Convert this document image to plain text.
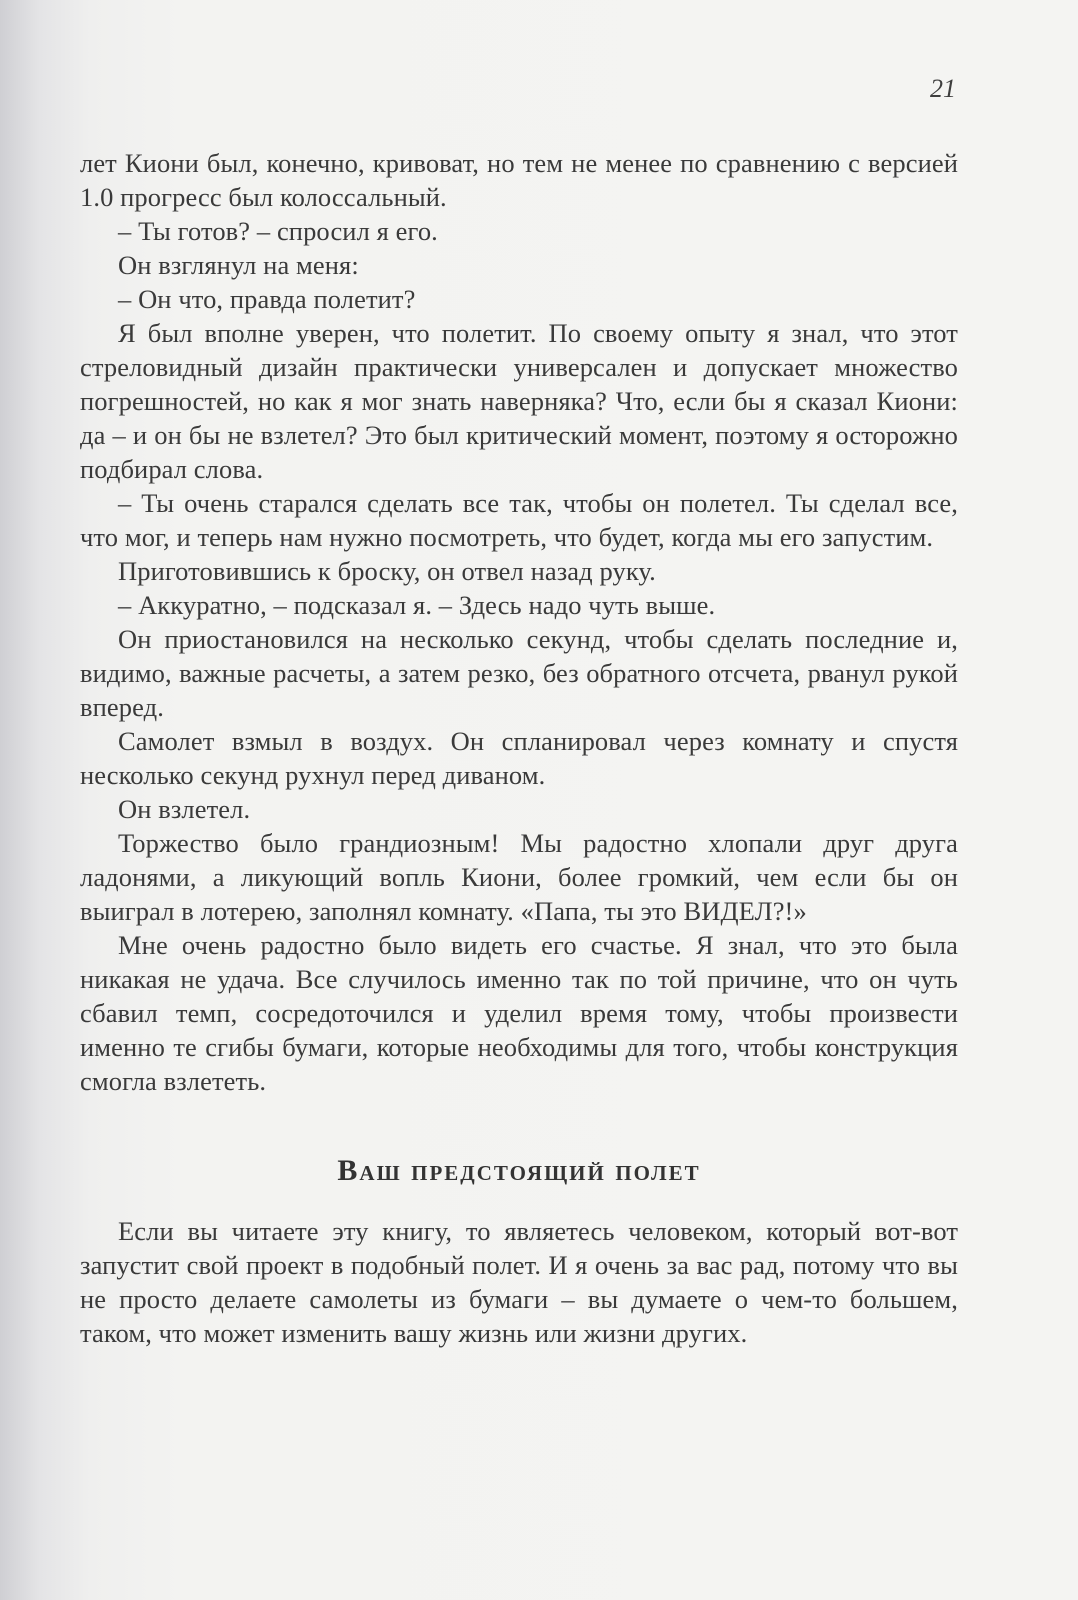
21

лет Киони был, конечно, кривоват, но тем не менее по сравнению с версией 1.0 прогресс был колоссальный.

– Ты готов? – спросил я его.

Он взглянул на меня:

– Он что, правда полетит?

Я был вполне уверен, что полетит. По своему опыту я знал, что этот стреловидный дизайн практически универсален и допускает множество погрешностей, но как я мог знать наверняка? Что, если бы я сказал Киони: да – и он бы не взлетел? Это был критический момент, поэтому я осторожно подбирал слова.

– Ты очень старался сделать все так, чтобы он полетел. Ты сделал все, что мог, и теперь нам нужно посмотреть, что будет, когда мы его запустим.

Приготовившись к броску, он отвел назад руку.

– Аккуратно, – подсказал я. – Здесь надо чуть выше.

Он приостановился на несколько секунд, чтобы сделать последние и, видимо, важные расчеты, а затем резко, без обратного отсчета, рванул рукой вперед.

Самолет взмыл в воздух. Он спланировал через комнату и спустя несколько секунд рухнул перед диваном.

Он взлетел.

Торжество было грандиозным! Мы радостно хлопали друг друга ладонями, а ликующий вопль Киони, более громкий, чем если бы он выиграл в лотерею, заполнял комнату. «Папа, ты это ВИДЕЛ?!»

Мне очень радостно было видеть его счастье. Я знал, что это была никакая не удача. Все случилось именно так по той причине, что он чуть сбавил темп, сосредоточился и уделил время тому, чтобы произвести именно те сгибы бумаги, которые необходимы для того, чтобы конструкция смогла взлететь.

Ваш предстоящий полет

Если вы читаете эту книгу, то являетесь человеком, который вот-вот запустит свой проект в подобный полет. И я очень за вас рад, потому что вы не просто делаете самолеты из бумаги – вы думаете о чем-то большем, таком, что может изменить вашу жизнь или жизни других.
